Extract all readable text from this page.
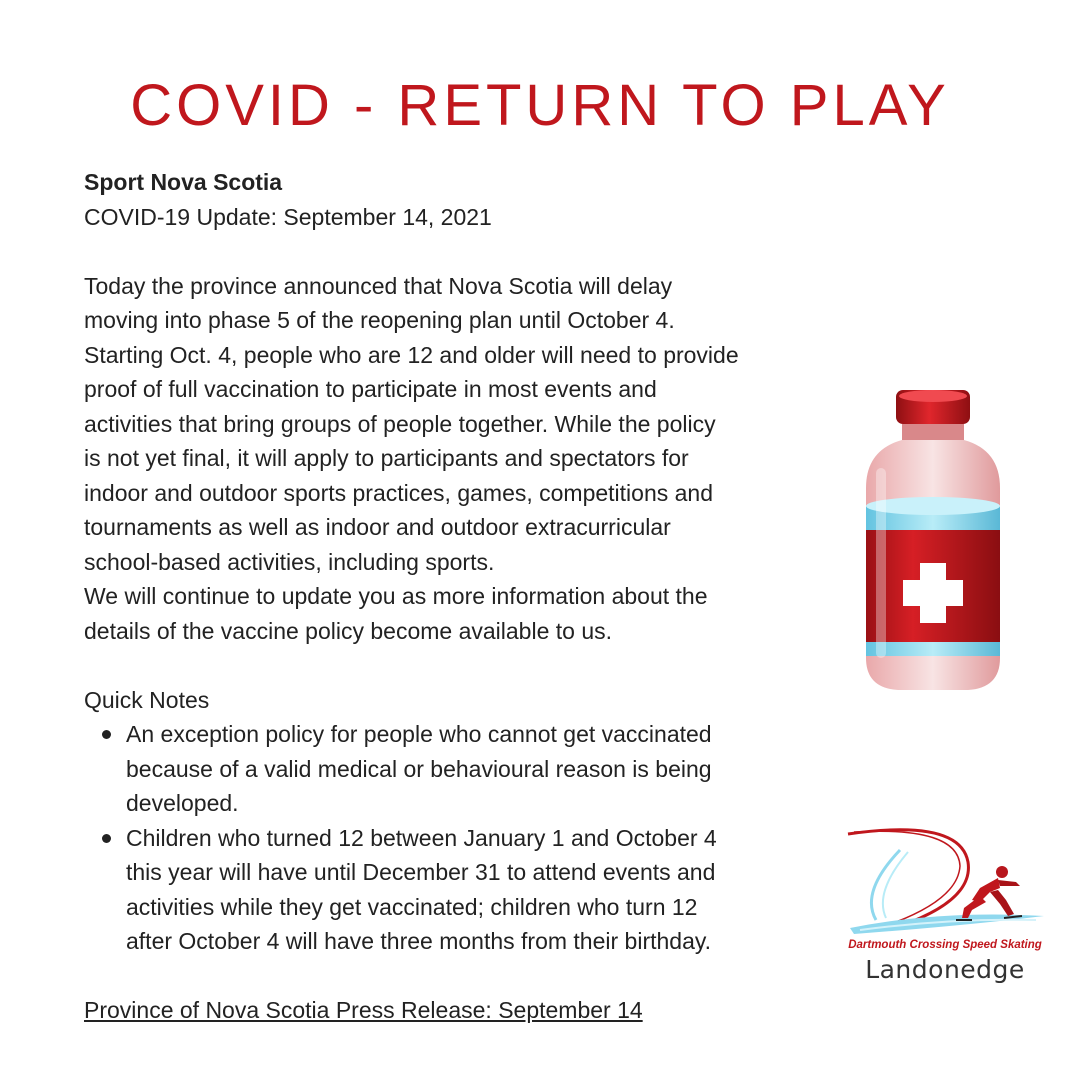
COVID - RETURN TO PLAY
Sport Nova Scotia
COVID-19 Update: September 14, 2021
Today the province announced that Nova Scotia will delay
moving into phase 5 of the reopening plan until October 4.
Starting Oct. 4, people who are 12 and older will need to provide
proof of full vaccination to participate in most events and
activities that bring groups of people together. While the policy
is not yet final, it will apply to participants and spectators for
indoor and outdoor sports practices, games, competitions and
tournaments as well as indoor and outdoor extracurricular
school-based activities, including sports.
We will continue to update you as more information about the
details of the vaccine policy become available to us.
Quick Notes
An exception policy for people who cannot get vaccinated
because of a valid medical or behavioural reason is being
developed.
Children who turned 12 between January 1 and October 4
this year will have until December 31 to attend events and
activities while they get vaccinated; children who turn 12
after October 4 will have three months from their birthday.
Province of Nova Scotia Press Release: September 14
Dartmouth Crossing Speed Skating
Landonedge
